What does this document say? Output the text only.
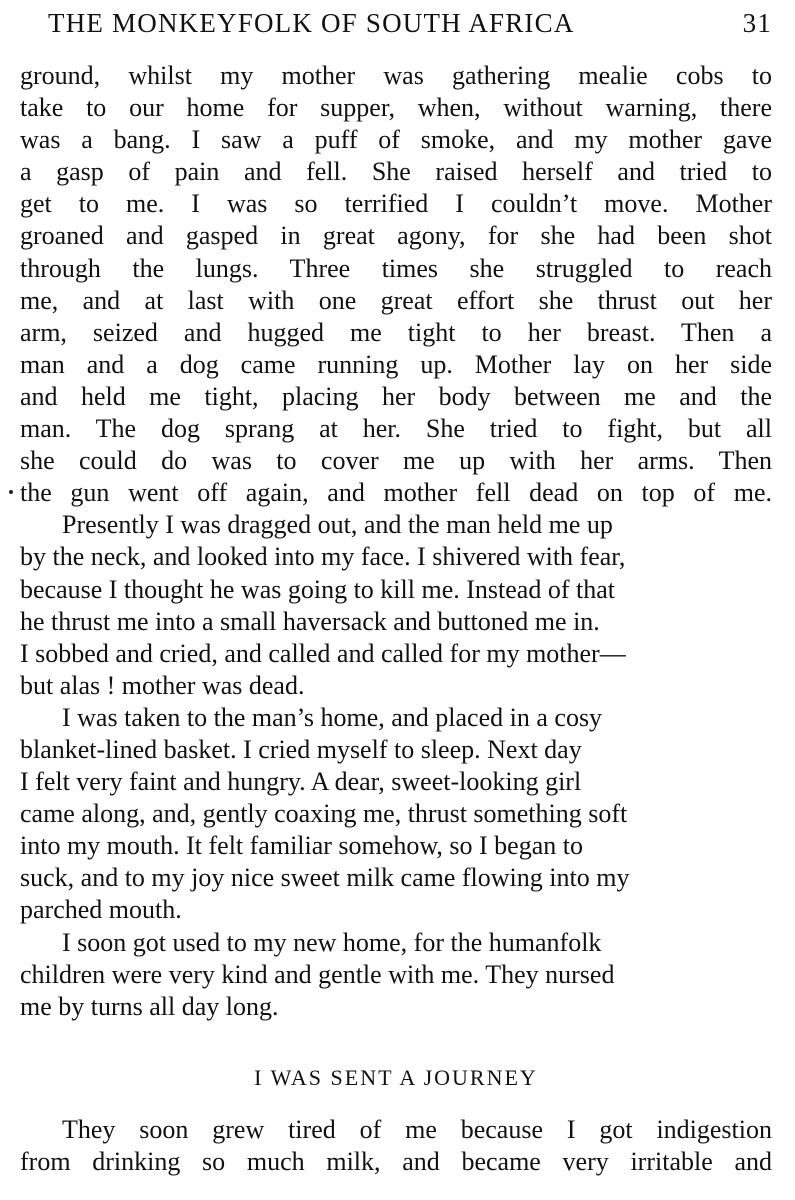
THE MONKEYFOLK OF SOUTH AFRICA	31

ground, whilst my mother was gathering mealie cobs to
take to our home for supper, when, without warning, there
was a bang. I saw a puff of smoke, and my mother gave
a gasp of pain and fell. She raised herself and tried to
get to me. I was so terrified I couldn’t move. Mother
groaned and gasped in great agony, for she had been shot
through the lungs. Three times she struggled to reach
me, and at last with one great effort she thrust out her
arm, seized and hugged me tight to her breast. Then a
man and a dog came running up. Mother lay on her side
and held me tight, placing her body between me and the
man. The dog sprang at her. She tried to fight, but all
she could do was to cover me up with her arms. Then
the gun went off again, and mother fell dead on top of me.

Presently I was dragged out, and the man held me up
by the neck, and looked into my face. I shivered with fear,
because I thought he was going to kill me. Instead of that
he thrust me into a small haversack and buttoned me in.
I sobbed and cried, and called and called for my mother—
but alas ! mother was dead.

I was taken to the man’s home, and placed in a cosy
blanket-lined basket. I cried myself to sleep. Next day
I felt very faint and hungry. A dear, sweet-looking girl
came along, and, gently coaxing me, thrust something soft
into my mouth. It felt familiar somehow, so I began to
suck, and to my joy nice sweet milk came flowing into my
parched mouth.

I soon got used to my new home, for the humanfolk
children were very kind and gentle with me. They nursed
me by turns all day long.

I WAS SENT A JOURNEY

They soon grew tired of me because I got indigestion
from drinking so much milk, and became very irritable and
